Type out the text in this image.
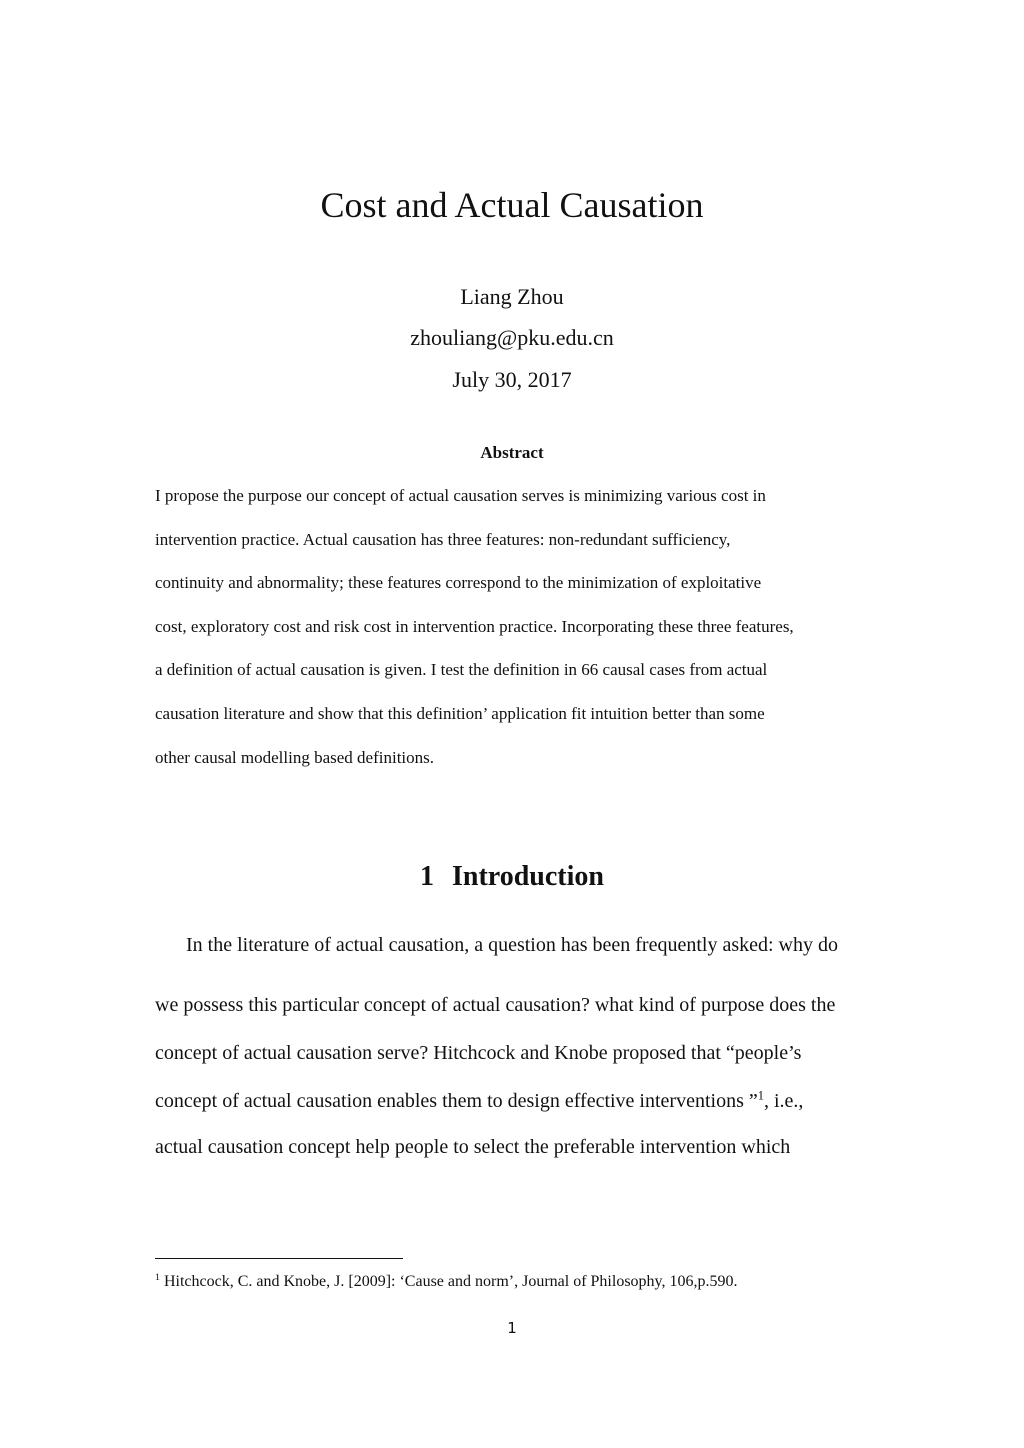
Cost and Actual Causation
Liang Zhou
zhouliang@pku.edu.cn
July 30, 2017
Abstract
I propose the purpose our concept of actual causation serves is minimizing various cost in
intervention practice. Actual causation has three features: non-redundant sufficiency,
continuity and abnormality; these features correspond to the minimization of exploitative
cost, exploratory cost and risk cost in intervention practice. Incorporating these three features,
a definition of actual causation is given. I test the definition in 66 causal cases from actual
causation literature and show that this definition’ application fit intuition better than some
other causal modelling based definitions.
1 Introduction
In the literature of actual causation, a question has been frequently asked: why do
we possess this particular concept of actual causation? what kind of purpose does the
concept of actual causation serve? Hitchcock and Knobe proposed that “people’s
concept of actual causation enables them to design effective interventions ”$^1$, i.e.,
actual causation concept help people to select the preferable intervention which
$^1$ Hitchcock, C. and Knobe, J. [2009]: ‘Cause and norm’, Journal of Philosophy, 106,p.590.
1
